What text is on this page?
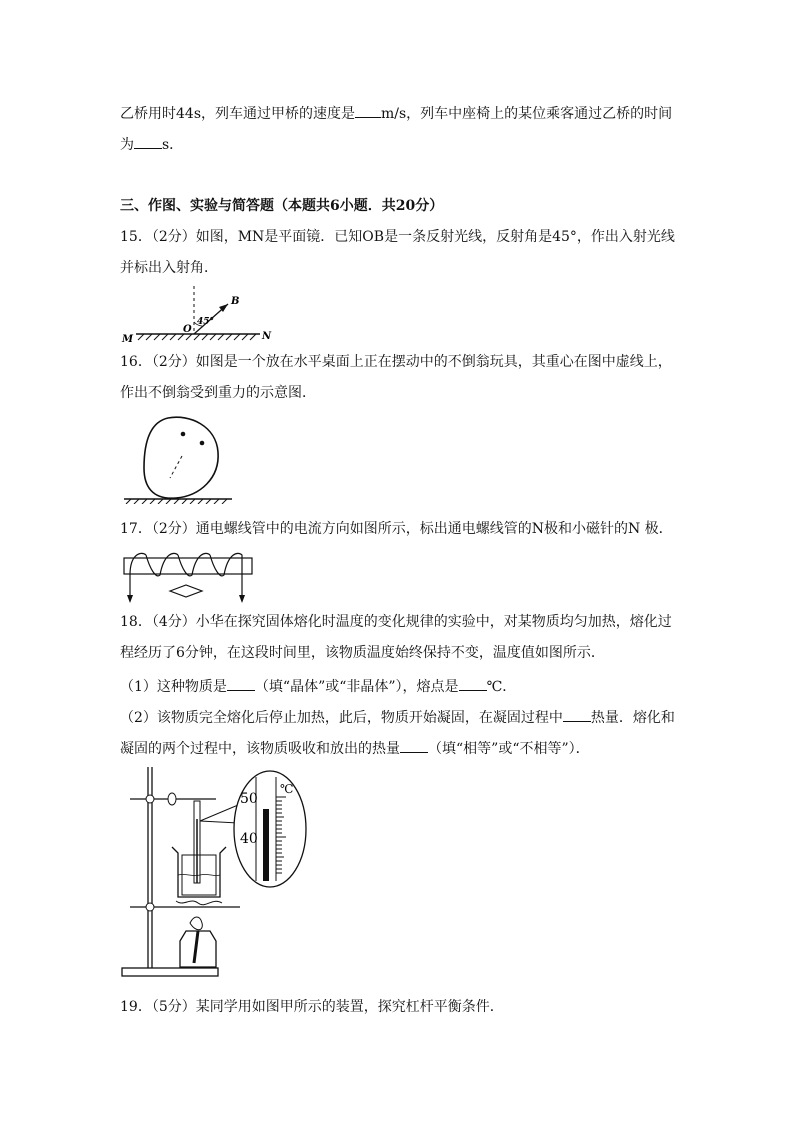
乙桥用时44s，列车通过甲桥的速度是 m/s，列车中座椅上的某位乘客通过乙桥的时间
为 s．
三、作图、实验与简答题（本题共6小题．共20分）
15．（2分）如图，MN是平面镜．已知OB是一条反射光线，反射角是45°，作出入射光线
并标出入射角．
45°
B
O
M	N
16．（2分）如图是一个放在水平桌面上正在摆动中的不倒翁玩具，其重心在图中虚线上，
作出不倒翁受到重力的示意图．
17．（2分）通电螺线管中的电流方向如图所示，标出通电螺线管的N极和小磁针的N 极．
18．（4分）小华在探究固体熔化时温度的变化规律的实验中，对某物质均匀加热，熔化过
程经历了6分钟，在这段时间里，该物质温度始终保持不变，温度值如图所示．
（1）这种物质是 （填“晶体”或“非晶体”），熔点是 ℃．
（2）该物质完全熔化后停止加热，此后，物质开始凝固，在凝固过程中 热量．熔化和
凝固的两个过程中，该物质吸收和放出的热量 （填“相等”或“不相等”）．
50
40
℃
19．（5分）某同学用如图甲所示的装置，探究杠杆平衡条件．
